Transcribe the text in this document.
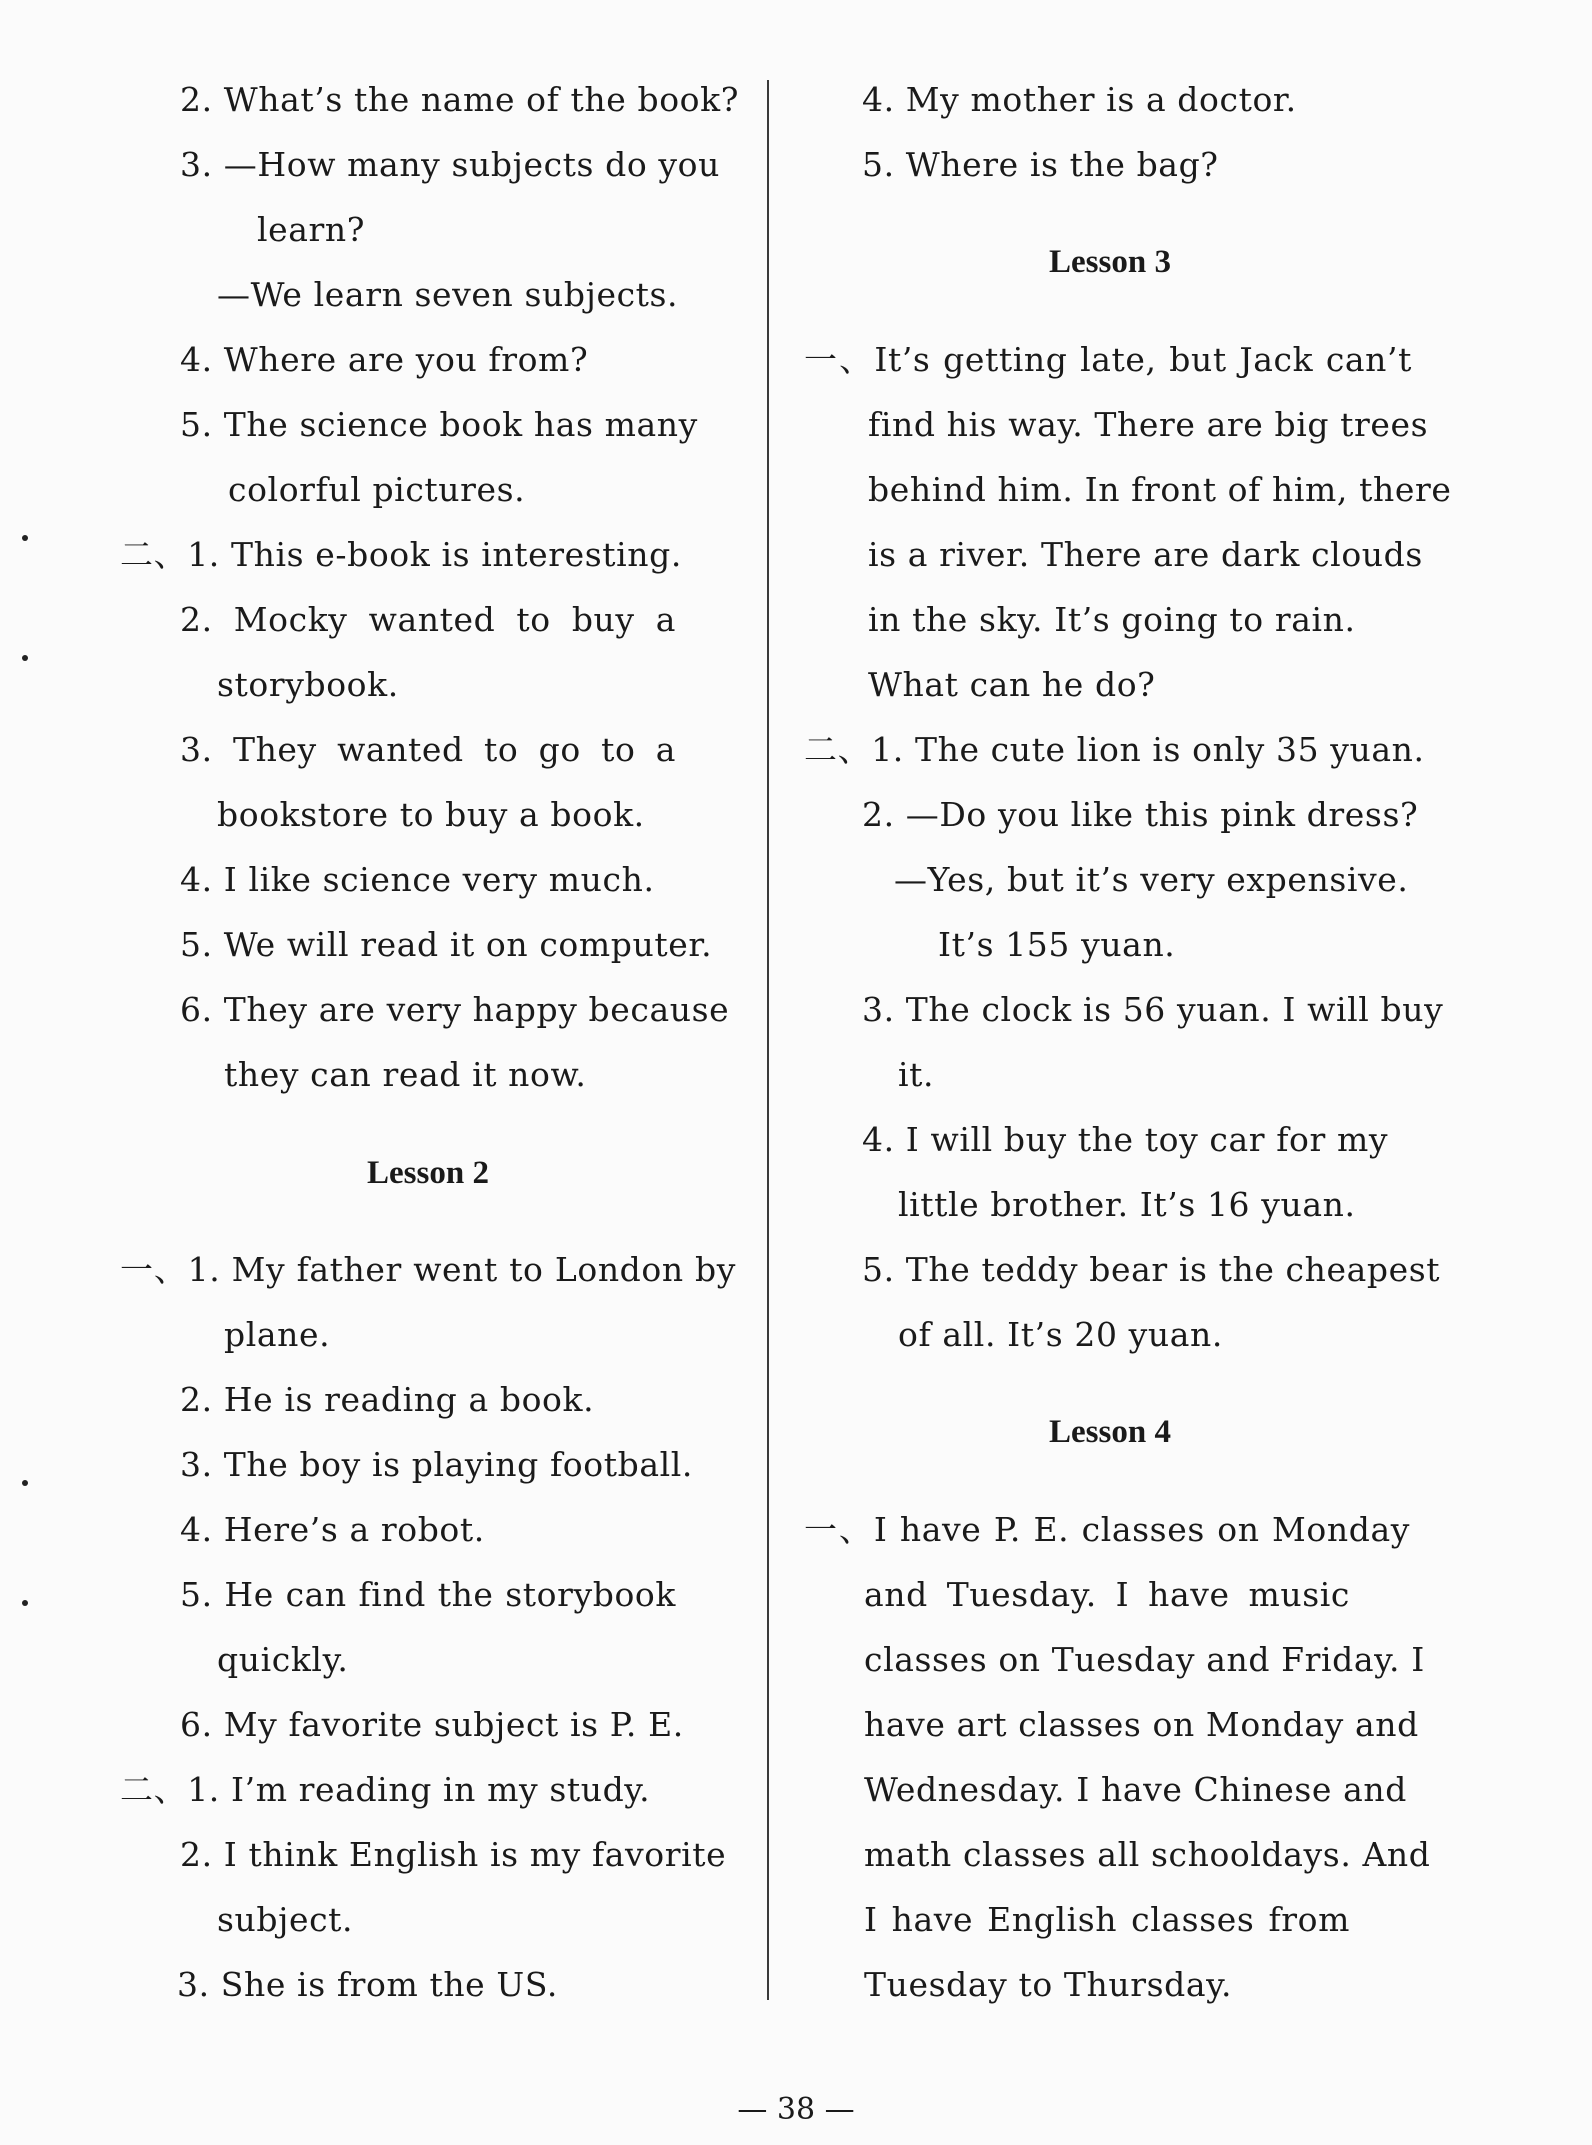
2. What’s the name of the book?
3. —How many subjects do you
learn?
—We learn seven subjects.
4. Where are you from?
5. The science book has many
colorful pictures.
二、1. This e-book is interesting.
2. Mocky wanted to buy a
storybook.
3. They wanted to go to a
bookstore to buy a book.
4. I like science very much.
5. We will read it on computer.
6. They are very happy because
they can read it now.
一、1. My father went to London by
plane.
2. He is reading a book.
3. The boy is playing football.
4. Here’s a robot.
5. He can find the storybook
quickly.
6. My favorite subject is P. E.
二、1. I’m reading in my study.
2. I think English is my favorite
subject.
3. She is from the US.
Lesson 2
4. My mother is a doctor.
5. Where is the bag?
一、It’s getting late, but Jack can’t
find his way. There are big trees
behind him. In front of him, there
is a river. There are dark clouds
in the sky. It’s going to rain.
What can he do?
二、1. The cute lion is only 35 yuan.
2. —Do you like this pink dress?
—Yes, but it’s very expensive.
It’s 155 yuan.
3. The clock is 56 yuan. I will buy
it.
4. I will buy the toy car for my
little brother. It’s 16 yuan.
5. The teddy bear is the cheapest
of all. It’s 20 yuan.
一、I have P. E. classes on Monday
and Tuesday. I have music
classes on Tuesday and Friday. I
have art classes on Monday and
Wednesday. I have Chinese and
math classes all schooldays. And
I have English classes from
Tuesday to Thursday.
Lesson 3
Lesson 4
— 38 —
